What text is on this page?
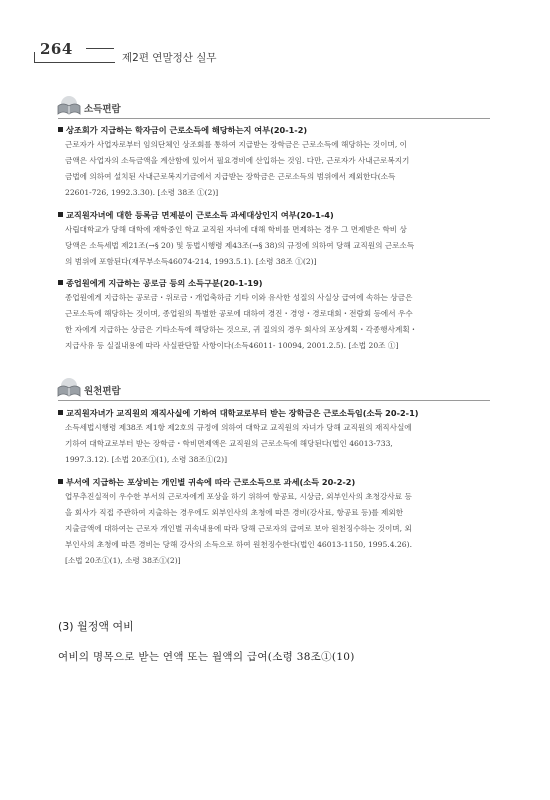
264	제2편 연말정산 실무
소득편람
상조회가 지급하는 학자금이 근로소득에 해당하는지 여부(20-1-2)
근로자가 사업자로부터 임의단체인 상조회를 통하여 지급받는 장학금은 근로소득에 해당하는 것이며, 이
금액은 사업자의 소득금액을 계산함에 있어서 필요경비에 산입하는 것임. 다만, 근로자가 사내근로복지기
금법에 의하여 설치된 사내근로복지기금에서 지급받는 장학금은 근로소득의 범위에서 제외한다(소득
22601-726, 1992.3.30). [소령 38조 ①(2)]
교직원자녀에 대한 등록금 면제분이 근로소득 과세대상인지 여부(20-1-4)
사립대학교가 당해 대학에 재학중인 학교 교직원 자녀에 대해 학비를 면제하는 경우 그 면제받은 학비 상
당액은 소득세법 제21조(→§ 20) 및 동법시행령 제43조(→§ 38)의 규정에 의하여 당해 교직원의 근로소득
의 범위에 포함된다(재무부소득46074-214, 1993.5.1). [소령 38조 ①(2)]
종업원에게 지급하는 공로금 등의 소득구분(20-1-19)
종업원에게 지급하는 공로금・위로금・개업축하금 기타 이와 유사한 성질의 사실상 급여에 속하는 상금은
근로소득에 해당하는 것이며, 종업원의 특별한 공로에 대하여 경진・경영・경로대회・전람회 등에서 우수
한 자에게 지급하는 상금은 기타소득에 해당하는 것으로, 귀 질의의 경우 회사의 포상계획・각종행사계획・
지급사유 등 실질내용에 따라 사실판단할 사항이다(소득46011- 10094, 2001.2.5). [소법 20조 ①]
원천편람
교직원자녀가 교직원의 재직사실에 기하여 대학교로부터 받는 장학금은 근로소득임(소득 20-2-1)
소득세법시행령 제38조 제1항 제2호의 규정에 의하여 대학교 교직원의 자녀가 당해 교직원의 재직사실에
기하여 대학교로부터 받는 장학금・학비면제액은 교직원의 근로소득에 해당된다(법인 46013-733,
1997.3.12). [소법 20조①(1), 소령 38조①(2)]
부서에 지급하는 포상비는 개인별 귀속에 따라 근로소득으로 과세(소득 20-2-2)
업무추진실적이 우수한 부서의 근로자에게 포상을 하기 위하여 항공료, 시상금, 외부인사의 초청강사료 등
을 회사가 직접 주관하여 지출하는 경우에도 외부인사의 초청에 따른 경비(강사료, 항공료 등)를 제외한
지출금액에 대하여는 근로자 개인별 귀속내용에 따라 당해 근로자의 급여로 보아 원천징수하는 것이며, 외
부인사의 초청에 따른 경비는 당해 강사의 소득으로 하여 원천징수한다(법인 46013-1150, 1995.4.26).
[소법 20조①(1), 소령 38조①(2)]
(3) 월정액 여비
여비의 명목으로 받는 연액 또는 월액의 급여(소령 38조①(10)
